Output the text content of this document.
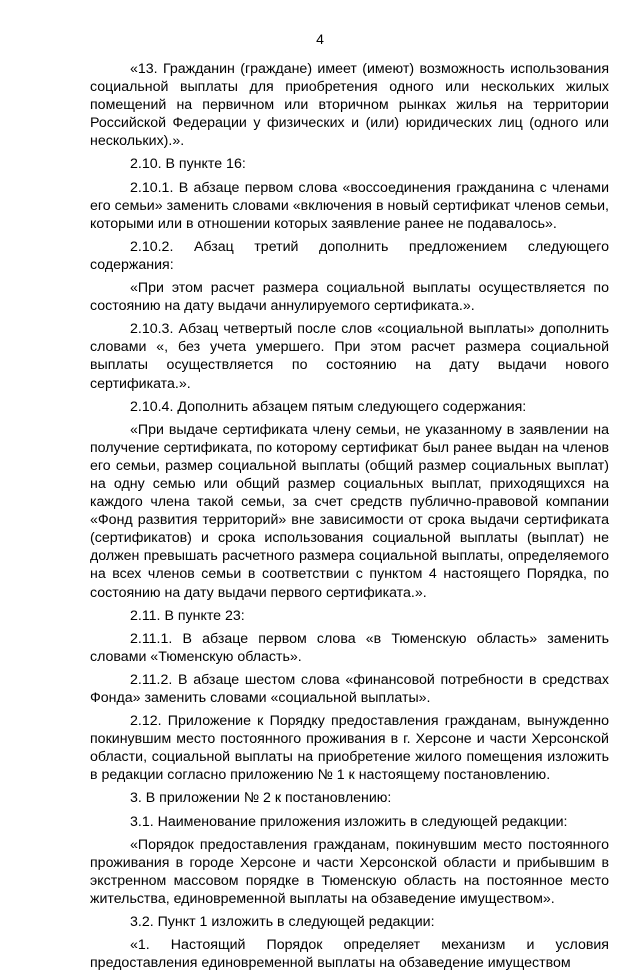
4

«13. Гражданин (граждане) имеет (имеют) возможность использования социальной выплаты для приобретения одного или нескольких жилых помещений на первичном или вторичном рынках жилья на территории Российской Федерации у физических и (или) юридических лиц (одного или нескольких).».

2.10. В пункте 16:

2.10.1. В абзаце первом слова «воссоединения гражданина с членами его семьи» заменить словами «включения в новый сертификат членов семьи, которыми или в отношении которых заявление ранее не подавалось».

2.10.2. Абзац третий дополнить предложением следующего содержания:

«При этом расчет размера социальной выплаты осуществляется по состоянию на дату выдачи аннулируемого сертификата.».

2.10.3. Абзац четвертый после слов «социальной выплаты» дополнить словами «, без учета умершего. При этом расчет размера социальной выплаты осуществляется по состоянию на дату выдачи нового сертификата.».

2.10.4. Дополнить абзацем пятым следующего содержания:

«При выдаче сертификата члену семьи, не указанному в заявлении на получение сертификата, по которому сертификат был ранее выдан на членов его семьи, размер социальной выплаты (общий размер социальных выплат) на одну семью или общий размер социальных выплат, приходящихся на каждого члена такой семьи, за счет средств публично-правовой компании «Фонд развития территорий» вне зависимости от срока выдачи сертификата (сертификатов) и срока использования социальной выплаты (выплат) не должен превышать расчетного размера социальной выплаты, определяемого на всех членов семьи в соответствии с пунктом 4 настоящего Порядка, по состоянию на дату выдачи первого сертификата.».

2.11. В пункте 23:

2.11.1. В абзаце первом слова «в Тюменскую область» заменить словами «Тюменскую область».

2.11.2. В абзаце шестом слова «финансовой потребности в средствах Фонда» заменить словами «социальной выплаты».

2.12. Приложение к Порядку предоставления гражданам, вынужденно покинувшим место постоянного проживания в г. Херсоне и части Херсонской области, социальной выплаты на приобретение жилого помещения изложить в редакции согласно приложению № 1 к настоящему постановлению.

3. В приложении № 2 к постановлению:

3.1. Наименование приложения изложить в следующей редакции:

«Порядок предоставления гражданам, покинувшим место постоянного проживания в городе Херсоне и части Херсонской области и прибывшим в экстренном массовом порядке в Тюменскую область на постоянное место жительства, единовременной выплаты на обзаведение имуществом».

3.2. Пункт 1 изложить в следующей редакции:

«1. Настоящий Порядок определяет механизм и условия предоставления единовременной выплаты на обзаведение имуществом
